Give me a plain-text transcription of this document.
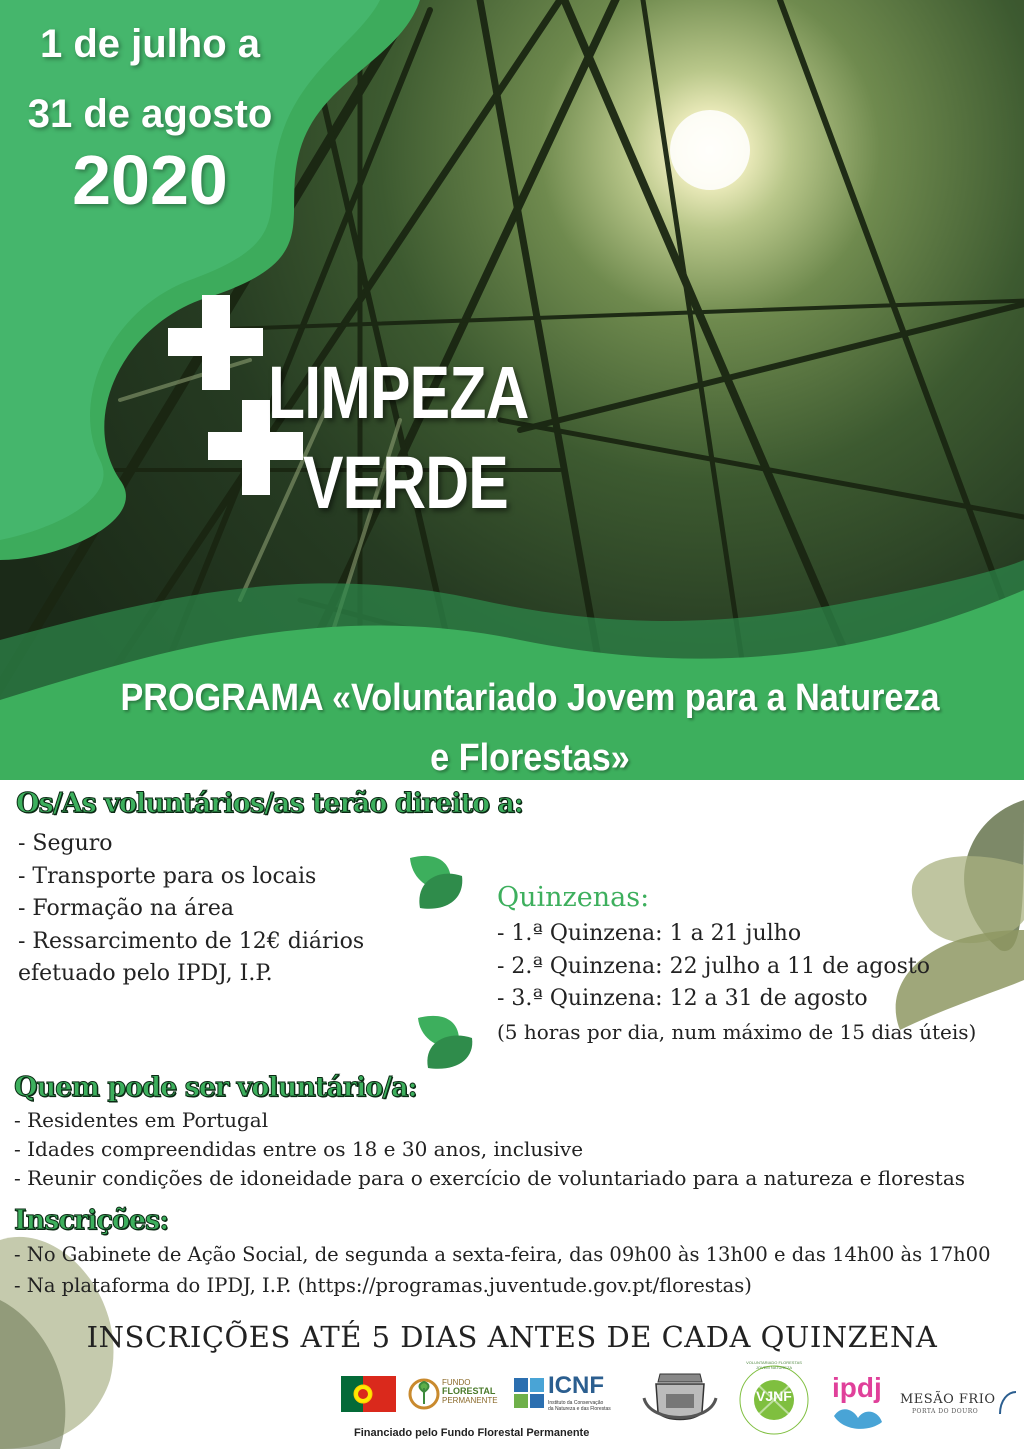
1 de julho a
31 de agosto
2020
LIMPEZA
VERDE
PROGRAMA «Voluntariado Jovem para a Natureza
e Florestas»
Os/As voluntários/as terão direito a:
- Seguro
- Transporte para os locais
- Formação na área
- Ressarcimento de 12€ diários
efetuado pelo IPDJ, I.P.
Quinzenas:
- 1.ª Quinzena: 1 a 21 julho
- 2.ª Quinzena: 22 julho a 11 de agosto
- 3.ª Quinzena: 12 a 31 de agosto
(5 horas por dia, num máximo de 15 dias úteis)
Quem pode ser voluntário/a:
- Residentes em Portugal
- Idades compreendidas entre os 18 e 30 anos, inclusive
- Reunir condições de idoneidade para o exercício de voluntariado para a natureza e florestas
Inscrições:
- No Gabinete de Ação Social, de segunda a sexta-feira, das 09h00 às 13h00 e das 14h00 às 17h00
- Na plataforma do IPDJ, I.P. (https://programas.juventude.gov.pt/florestas)
INSCRIÇÕES ATÉ 5 DIAS ANTES DE CADA QUINZENA
FUNDO
FLORESTAL
PERMANENTE
ICNF
Instituto da Conservação
da Natureza e das Florestas
VJNF
VOLUNTARIADO FLORESTAS JOVEM NATUREZA
ipdj MESÃO FRIO
PORTA DO DOURO
Financiado pelo Fundo Florestal Permanente
